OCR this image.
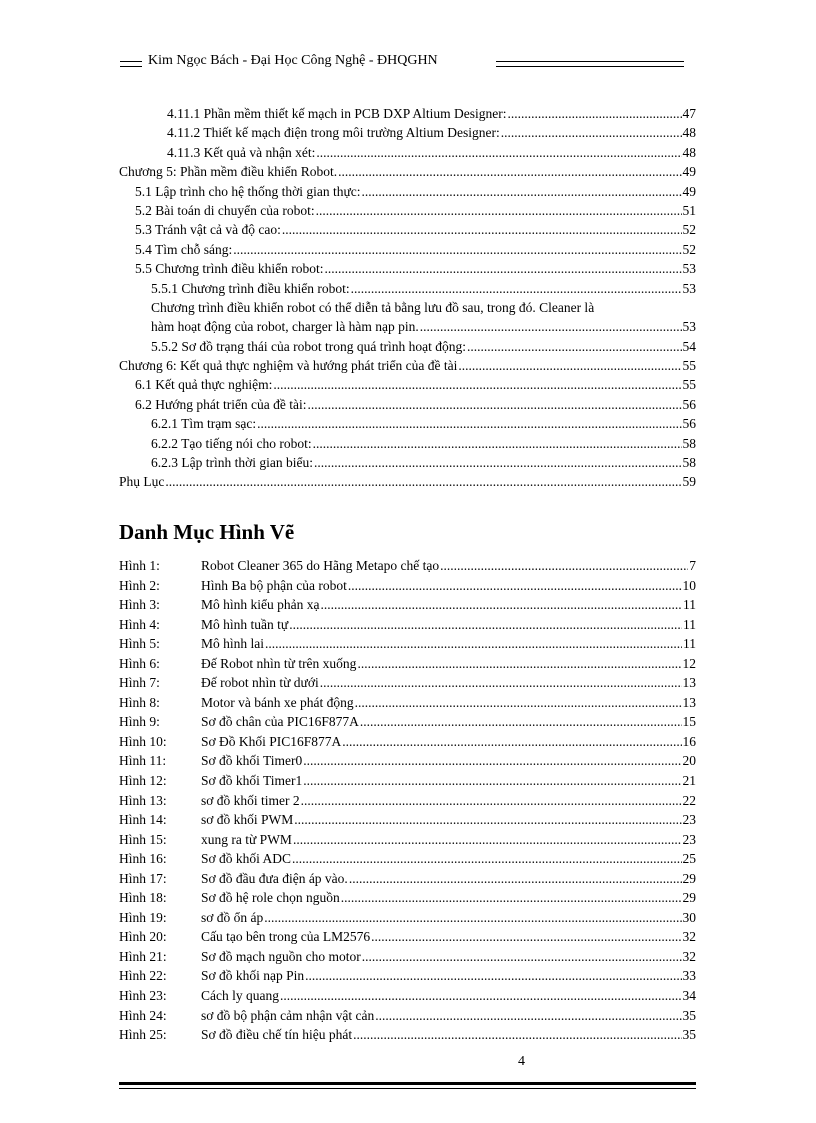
Kim Ngọc Bách - Đại Học Công Nghệ - ĐHQGHN
4.11.1 Phần mềm thiết kế mạch in PCB DXP Altium Designer: .....	47
4.11.2 Thiết kế mạch điện trong môi trường Altium Designer: .....	48
4.11.3 Kết quả và nhận xét: .....	48
Chương 5: Phần mềm điều khiển Robot. .....	49
5.1 Lập trình cho hệ thống thời gian thực: .....	49
5.2 Bài toán di chuyển của robot: .....	51
5.3 Tránh vật cả và độ cao: .....	52
5.4 Tìm chỗ sáng: .....	52
5.5 Chương trình điều khiển robot: .....	53
5.5.1 Chương trình điều khiển robot: .....	53
Chương trình điều khiển robot có thể diễn tả bằng lưu đồ sau, trong đó. Cleaner là
hàm hoạt động của robot, charger là hàm nạp pin. .....	53
5.5.2 Sơ đồ trạng thái của robot trong quá trình hoạt động: .....	54
Chương 6: Kết quả thực nghiệm và hướng phát triển của đề tài .....	55
6.1 Kết quả thực nghiệm: .....	55
6.2 Hướng phát triển của đề tài: .....	56
6.2.1 Tìm trạm sạc: .....	56
6.2.2 Tạo tiếng nói cho robot: .....	58
6.2.3 Lập trình thời gian biểu: .....	58
Phụ Lục .....	59
Danh Mục Hình Vẽ
Hình 1:	Robot Cleaner 365 do Hãng Metapo chế tạo .....	7
Hình 2:	Hình Ba bộ phận của robot .....	10
Hình 3:	Mô hình kiểu phản xạ .....	11
Hình 4:	Mô hình tuần tự .....	11
Hình 5:	Mô hình lai .....	11
Hình 6:	Đế Robot nhìn từ trên xuống .....	12
Hình 7:	Đế robot nhìn từ dưới .....	13
Hình 8:	Motor và bánh xe phát động .....	13
Hình 9:	Sơ đồ chân của PIC16F877A .....	15
Hình 10:	Sơ Đồ Khối PIC16F877A .....	16
Hình 11:	Sơ đồ khối Timer0 .....	20
Hình 12:	Sơ đồ khối Timer1 .....	21
Hình 13:	sơ đồ khối timer 2 .....	22
Hình 14:	sơ đồ khối PWM .....	23
Hình 15:	xung ra từ PWM .....	23
Hình 16:	Sơ đồ khối ADC .....	25
Hình 17:	Sơ đồ đầu đưa điện áp vào. .....	29
Hình 18:	Sơ đồ hệ role chọn nguồn .....	29
Hình 19:	sơ đồ ổn áp .....	30
Hình 20:	Cấu tạo bên trong của LM2576 .....	32
Hình 21:	Sơ đồ mạch nguồn cho motor .....	32
Hình 22:	Sơ đồ khối nạp Pin .....	33
Hình 23:	Cách ly quang .....	34
Hình 24:	sơ đồ bộ phận cảm nhận vật cản .....	35
Hình 25:	Sơ đồ điều chế tín hiệu phát .....	35
4
